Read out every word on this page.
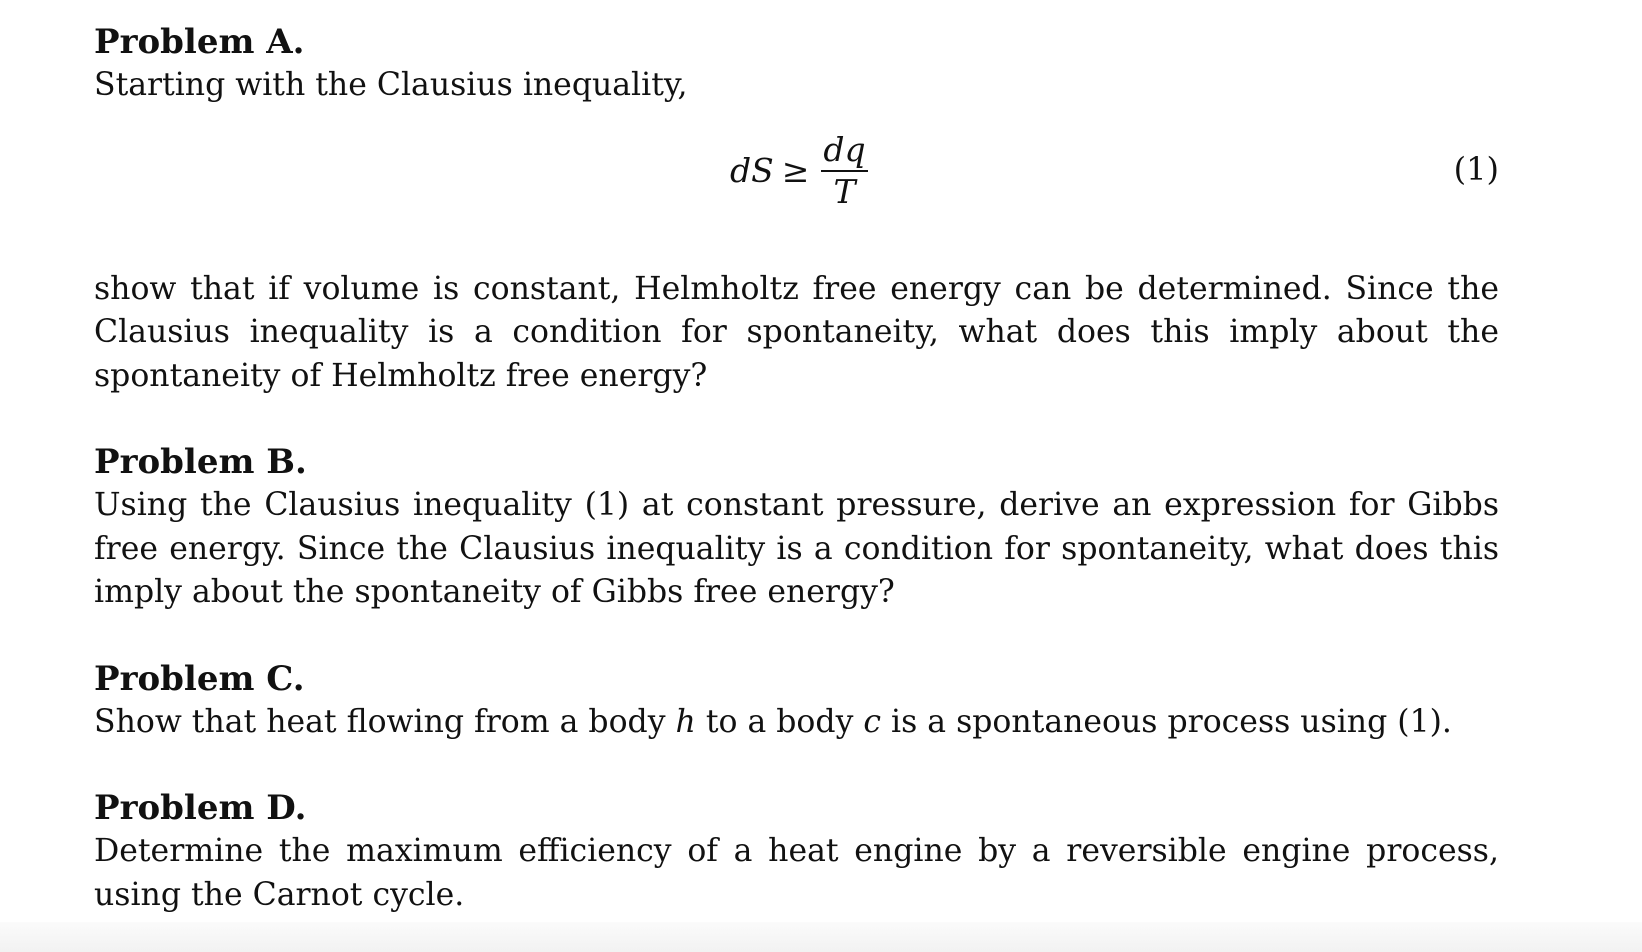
Problem A.

Starting with the Clausius inequality,

dS ≥ $\frac{dq}{T}$	(1)

show that if volume is constant, Helmholtz free energy can be determined. Since the Clausius inequality is a condition for spontaneity, what does this imply about the spontaneity of Helmholtz free energy?

Problem B.

Using the Clausius inequality (1) at constant pressure, derive an expression for Gibbs free energy. Since the Clausius inequality is a condition for spontaneity, what does this imply about the spontaneity of Gibbs free energy?

Problem C.

Show that heat flowing from a body h to a body c is a spontaneous process using (1).

Problem D.

Determine the maximum efficiency of a heat engine by a reversible engine process, using the Carnot cycle.
